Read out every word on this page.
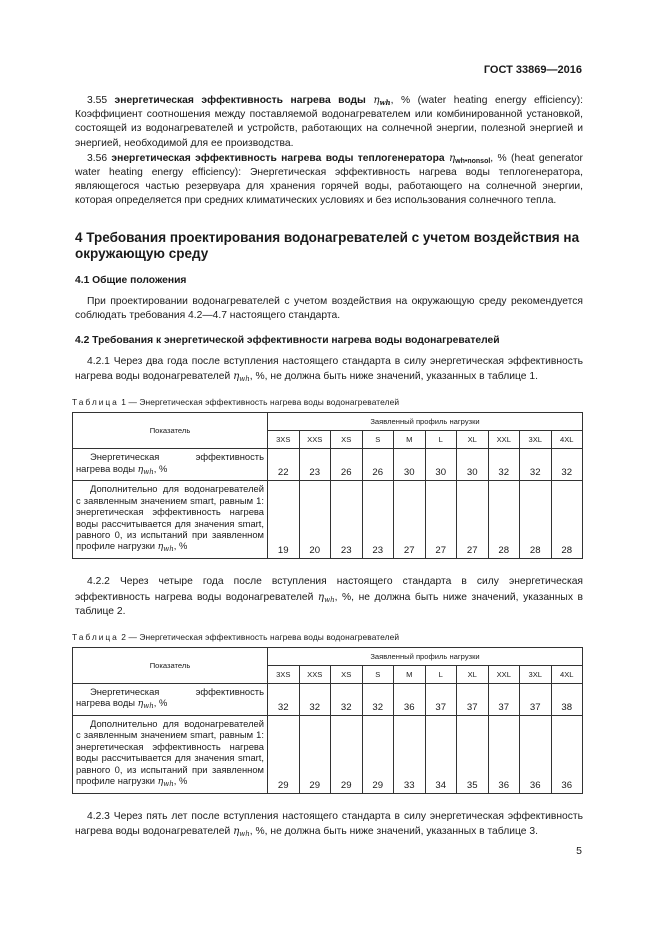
ГОСТ 33869—2016

3.55 энергетическая эффективность нагрева воды $\eta_{wh}$, % (water heating energy efficiency): Коэффициент соотношения между поставляемой водонагревателем или комбинированной установкой, состоящей из водонагревателей и устройств, работающих на солнечной энергии, полезной энергией и энергией, необходимой для ее производства.

3.56 энергетическая эффективность нагрева воды теплогенератора $\eta_{wh•nonsol}$, % (heat generator water heating energy efficiency): Энергетическая эффективность нагрева воды теплогенератора, являющегося частью резервуара для хранения горячей воды, работающего на солнечной энергии, которая определяется при средних климатических условиях и без использования солнечного тепла.

4 Требования проектирования водонагревателей с учетом воздействия на окружающую среду
4.1 Общие положения

При проектировании водонагревателей с учетом воздействия на окружающую среду рекомендуется соблюдать требования 4.2—4.7 настоящего стандарта.

4.2 Требования к энергетической эффективности нагрева воды водонагревателей

4.2.1 Через два года после вступления настоящего стандарта в силу энергетическая эффективность нагрева воды водонагревателей $\eta_{wh}$, %, не должна быть ниже значений, указанных в таблице 1.

Таблица 1 — Энергетическая эффективность нагрева воды водонагревателей
Показатель	Заявленный профиль нагрузки									
	3XS	XXS	XS	S	M	L	XL	XXL	3XL	4XL
Энергетическая эффективность нагрева воды $\eta_{wh}$, %	22	23	26	26	30	30	30	32	32	32
Дополнительно для водонагревателей с заявленным значением smart, равным 1: энергетическая эффективность нагрева воды рассчитывается для значения smart, равного 0, из испытаний при заявленном профиле нагрузки $\eta_{wh}$, %	19	20	23	23	27	27	27	28	28	28

4.2.2 Через четыре года после вступления настоящего стандарта в силу энергетическая эффективность нагрева воды водонагревателей $\eta_{wh}$, %, не должна быть ниже значений, указанных в таблице 2.

Таблица 2 — Энергетическая эффективность нагрева воды водонагревателей
Показатель	Заявленный профиль нагрузки									
	3XS	XXS	XS	S	M	L	XL	XXL	3XL	4XL
Энергетическая эффективность нагрева воды $\eta_{wh}$, %	32	32	32	32	36	37	37	37	37	38
Дополнительно для водонагревателей с заявленным значением smart, равным 1: энергетическая эффективность нагрева воды рассчитывается для значения smart, равного 0, из испытаний при заявленном профиле нагрузки $\eta_{wh}$, %	29	29	29	29	33	34	35	36	36	36

4.2.3 Через пять лет после вступления настоящего стандарта в силу энергетическая эффективность нагрева воды водонагревателей $\eta_{wh}$, %, не должна быть ниже значений, указанных в таблице 3.

5
